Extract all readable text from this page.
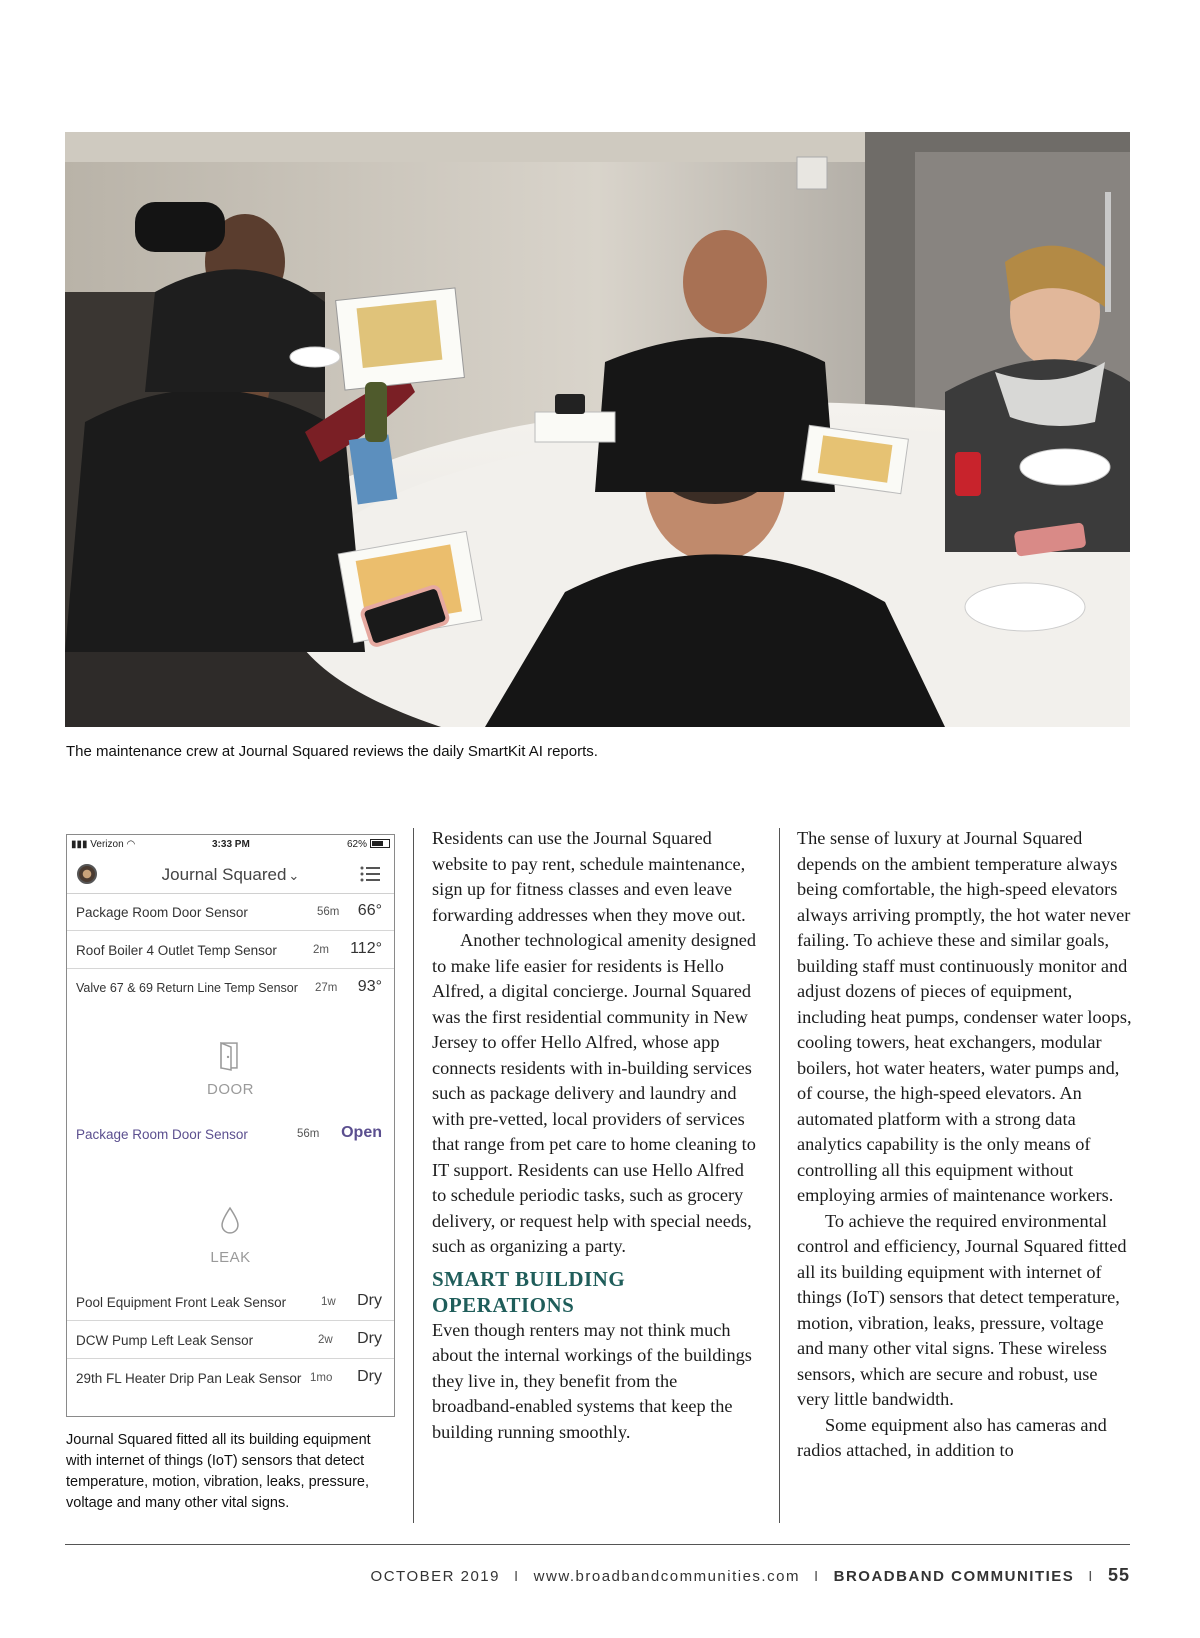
The maintenance crew at Journal Squared reviews the daily SmartKit AI reports.
▮▮▮ Verizon ◠	3:33 PM	62%
Journal Squared ⌄
Package Room Door Sensor	56m 66°
Roof Boiler 4 Outlet Temp Sensor	2m 112°
Valve 67 & 69 Return Line Temp Sensor 27m 93°
DOOR
Package Room Door Sensor	56m Open
LEAK
Pool Equipment Front Leak Sensor	1w Dry
DCW Pump Left Leak Sensor	2w Dry
29th FL Heater Drip Pan Leak Sensor 1mo Dry
Journal Squared fitted all its building equipment with internet of things (IoT) sensors that detect temperature, motion, vibration, leaks, pressure, voltage and many other vital signs.

Residents can use the Journal Squared website to pay rent, schedule maintenance, sign up for fitness classes and even leave forwarding addresses when they move out.

Another technological amenity designed to make life easier for residents is Hello Alfred, a digital concierge. Journal Squared was the first residential community in New Jersey to offer Hello Alfred, whose app connects residents with in-building services such as package delivery and laundry and with pre-vetted, local providers of services that range from pet care to home cleaning to IT support. Residents can use Hello Alfred to schedule periodic tasks, such as grocery delivery, or request help with special needs, such as organizing a party.

SMART BUILDING OPERATIONS

Even though renters may not think much about the internal workings of the buildings they live in, they benefit from the broadband-enabled systems that keep the building running smoothly.

The sense of luxury at Journal Squared depends on the ambient temperature always being comfortable, the high-speed elevators always arriving promptly, the hot water never failing. To achieve these and similar goals, building staff must continuously monitor and adjust dozens of pieces of equipment, including heat pumps, condenser water loops, cooling towers, heat exchangers, modular boilers, hot water heaters, water pumps and, of course, the high-speed elevators. An automated platform with a strong data analytics capability is the only means of controlling all this equipment without employing armies of maintenance workers.

To achieve the required environmental control and efficiency, Journal Squared fitted all its building equipment with internet of things (IoT) sensors that detect temperature, motion, vibration, leaks, pressure, voltage and many other vital signs. These wireless sensors, which are secure and robust, use very little bandwidth.

Some equipment also has cameras and radios attached, in addition to

OCTOBER 2019 I www.broadbandcommunities.com I BROADBAND COMMUNITIES I 55
